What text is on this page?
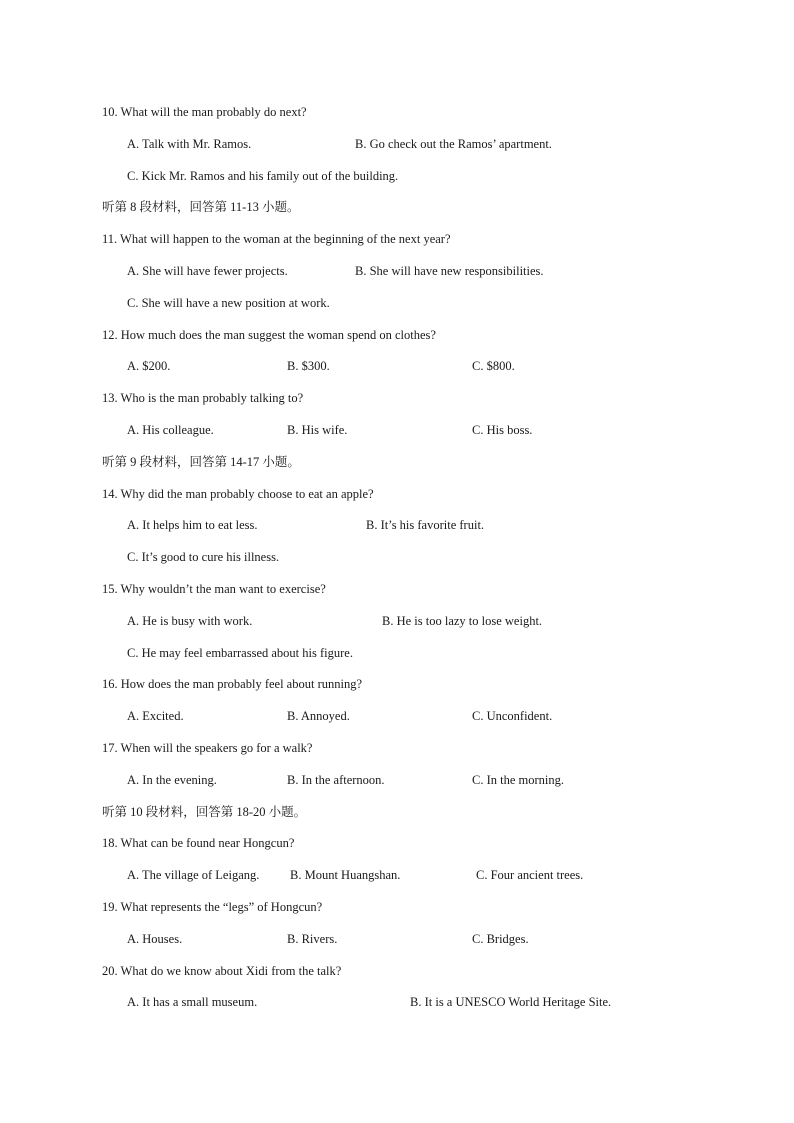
10. What will the man probably do next?
A. Talk with Mr. Ramos.	B. Go check out the Ramos’ apartment.
C. Kick Mr. Ramos and his family out of the building.
听第 8 段材料，回答第 11-13 小题。
11. What will happen to the woman at the beginning of the next year?
A. She will have fewer projects.	B. She will have new responsibilities.
C. She will have a new position at work.
12. How much does the man suggest the woman spend on clothes?
A. $200.	B. $300.	C. $800.
13. Who is the man probably talking to?
A. His colleague.	B. His wife.	C. His boss.
听第 9 段材料，回答第 14-17 小题。
14. Why did the man probably choose to eat an apple?
A. It helps him to eat less.	B. It’s his favorite fruit.
C. It’s good to cure his illness.
15. Why wouldn’t the man want to exercise?
A. He is busy with work.	B. He is too lazy to lose weight.
C. He may feel embarrassed about his figure.
16. How does the man probably feel about running?
A. Excited.	B. Annoyed.	C. Unconfident.
17. When will the speakers go for a walk?
A. In the evening.	B. In the afternoon.	C. In the morning.
听第 10 段材料，回答第 18-20 小题。
18. What can be found near Hongcun?
A. The village of Leigang. B. Mount Huangshan.	C. Four ancient trees.
19. What represents the “legs” of Hongcun?
A. Houses.	B. Rivers.	C. Bridges.
20. What do we know about Xidi from the talk?
A. It has a small museum.	B. It is a UNESCO World Heritage Site.
